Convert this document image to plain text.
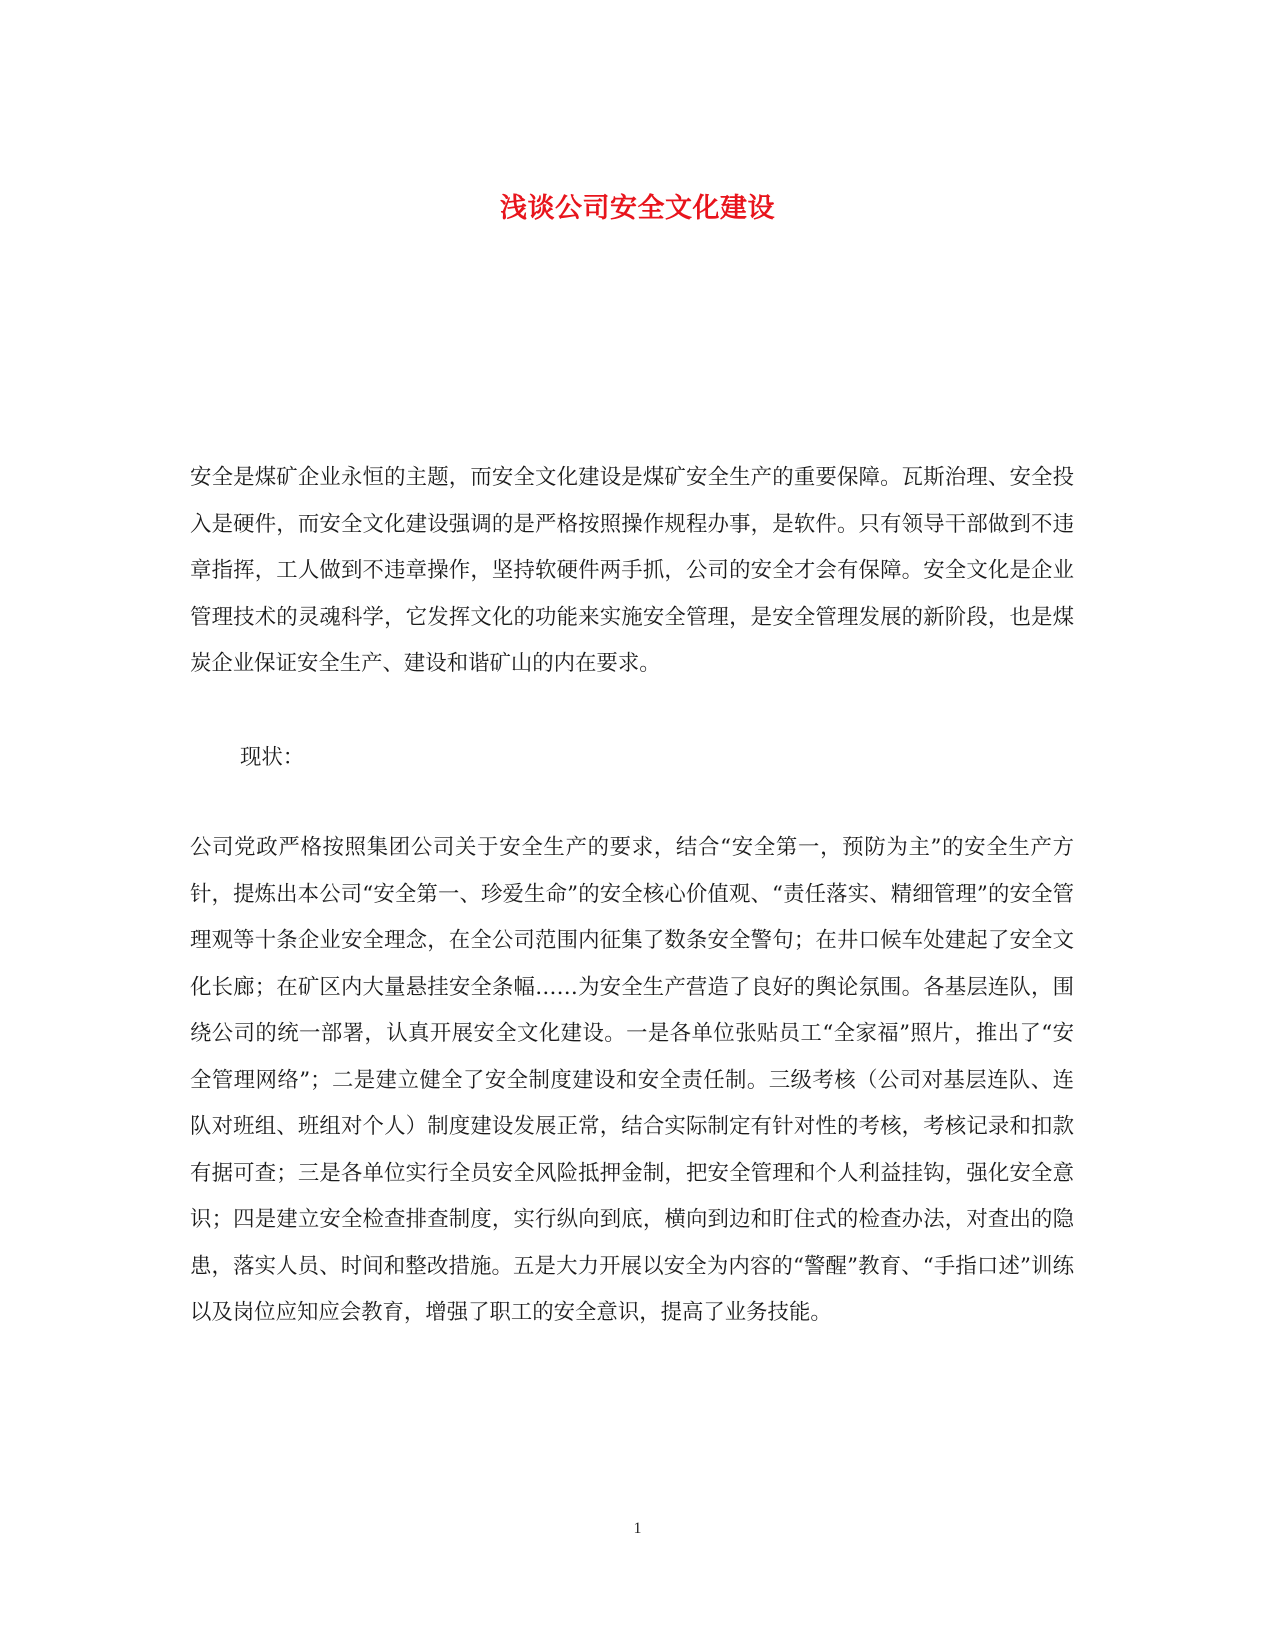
浅谈公司安全文化建设

安全是煤矿企业永恒的主题，而安全文化建设是煤矿安全生产的重要保障。瓦斯治理、安全投入是硬件，而安全文化建设强调的是严格按照操作规程办事，是软件。只有领导干部做到不违章指挥，工人做到不违章操作，坚持软硬件两手抓，公司的安全才会有保障。安全文化是企业管理技术的灵魂科学，它发挥文化的功能来实施安全管理，是安全管理发展的新阶段，也是煤炭企业保证安全生产、建设和谐矿山的内在要求。

现状：

公司党政严格按照集团公司关于安全生产的要求，结合“安全第一，预防为主”的安全生产方针，提炼出本公司“安全第一、珍爱生命”的安全核心价值观、“责任落实、精细管理”的安全管理观等十条企业安全理念，在全公司范围内征集了数条安全警句；在井口候车处建起了安全文化长廊；在矿区内大量悬挂安全条幅……为安全生产营造了良好的舆论氛围。各基层连队，围绕公司的统一部署，认真开展安全文化建设。一是各单位张贴员工“全家福”照片，推出了“安全管理网络”；二是建立健全了安全制度建设和安全责任制。三级考核（公司对基层连队、连队对班组、班组对个人）制度建设发展正常，结合实际制定有针对性的考核，考核记录和扣款有据可查；三是各单位实行全员安全风险抵押金制，把安全管理和个人利益挂钩，强化安全意识；四是建立安全检查排查制度，实行纵向到底，横向到边和盯住式的检查办法，对查出的隐患，落实人员、时间和整改措施。五是大力开展以安全为内容的“警醒”教育、“手指口述”训练以及岗位应知应会教育，增强了职工的安全意识，提高了业务技能。

1
